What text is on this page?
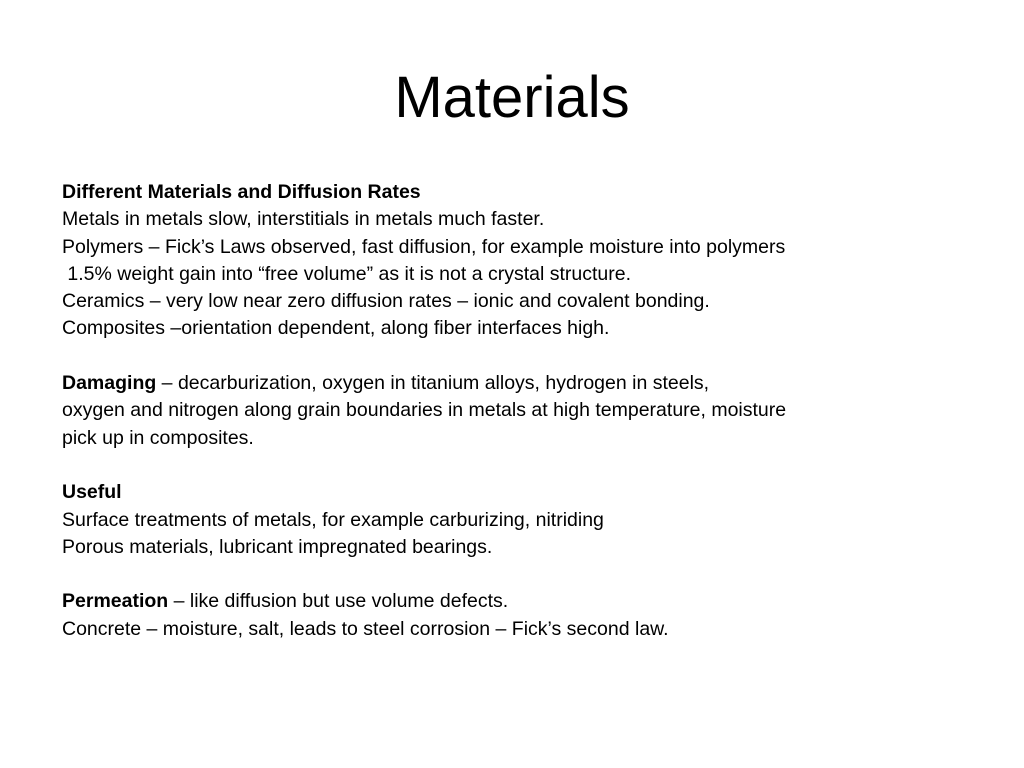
Materials
Different Materials and Diffusion Rates
Metals in metals slow, interstitials in metals much faster.
Polymers – Fick’s Laws observed, fast diffusion, for example moisture into polymers
1.5% weight gain into “free volume” as it is not a crystal structure.
Ceramics – very low near zero diffusion rates – ionic and covalent bonding.
Composites –orientation dependent, along fiber interfaces high.
Damaging – decarburization, oxygen in titanium alloys, hydrogen in steels,
oxygen and nitrogen along grain boundaries in metals at high temperature, moisture
pick up in composites.
Useful
Surface treatments of metals, for example carburizing, nitriding
Porous materials, lubricant impregnated bearings.
Permeation – like diffusion but use volume defects.
Concrete – moisture, salt, leads to steel corrosion – Fick’s second law.
